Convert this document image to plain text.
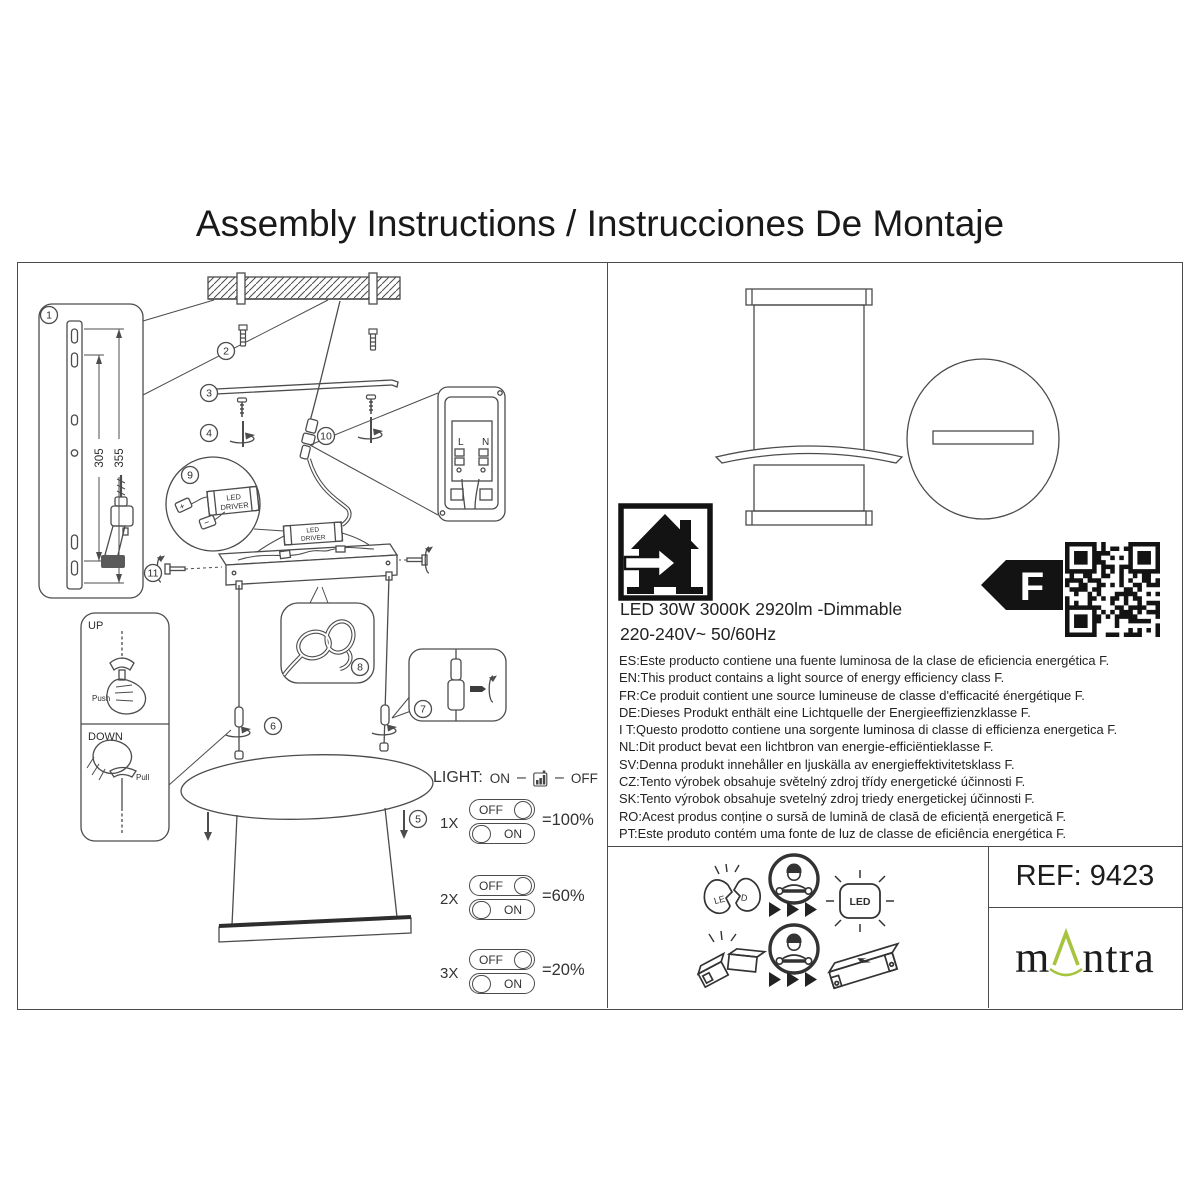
Assembly Instructions / Instrucciones De Montaje
355
305
LED
DRIVER
+
−
LED
DRIVER
L N
UP
Push
DOWN
Pull
1
2
3
4
5
6
7
8
9
10
11
LIGHT: ON – – OFF
1X
OFF
ON
=100%
2X
OFF
ON
=60%
3X
OFF
ON
=20%
LED 30W 3000K 2920lm -Dimmable
220-240V~ 50/60Hz
F
ES:Este producto contiene una fuente luminosa de la clase de eficiencia energética F.
EN:This product contains a light source of energy efficiency class F.
FR:Ce produit contient une source lumineuse de classe d'efficacité énergétique F.
DE:Dieses Produkt enthält eine Lichtquelle der Energieeffizienzklasse F.
I T:Questo prodotto contiene una sorgente luminosa di classe di efficienza energetica F.
NL:Dit product bevat een lichtbron van energie-efficiëntieklasse F.
SV:Denna produkt innehåller en ljuskälla av energieffektivitetsklass F.
CZ:Tento výrobek obsahuje světelný zdroj třídy energetické účinnosti F.
SK:Tento výrobok obsahuje svetelný zdroj triedy energetickej účinnosti F.
RO:Acest produs conține o sursă de lumină de clasă de eficiență energetică F.
PT:Este produto contém uma fonte de luz de classe de eficiência energética F.
LE D	LED
REF: 9423
m ntra
